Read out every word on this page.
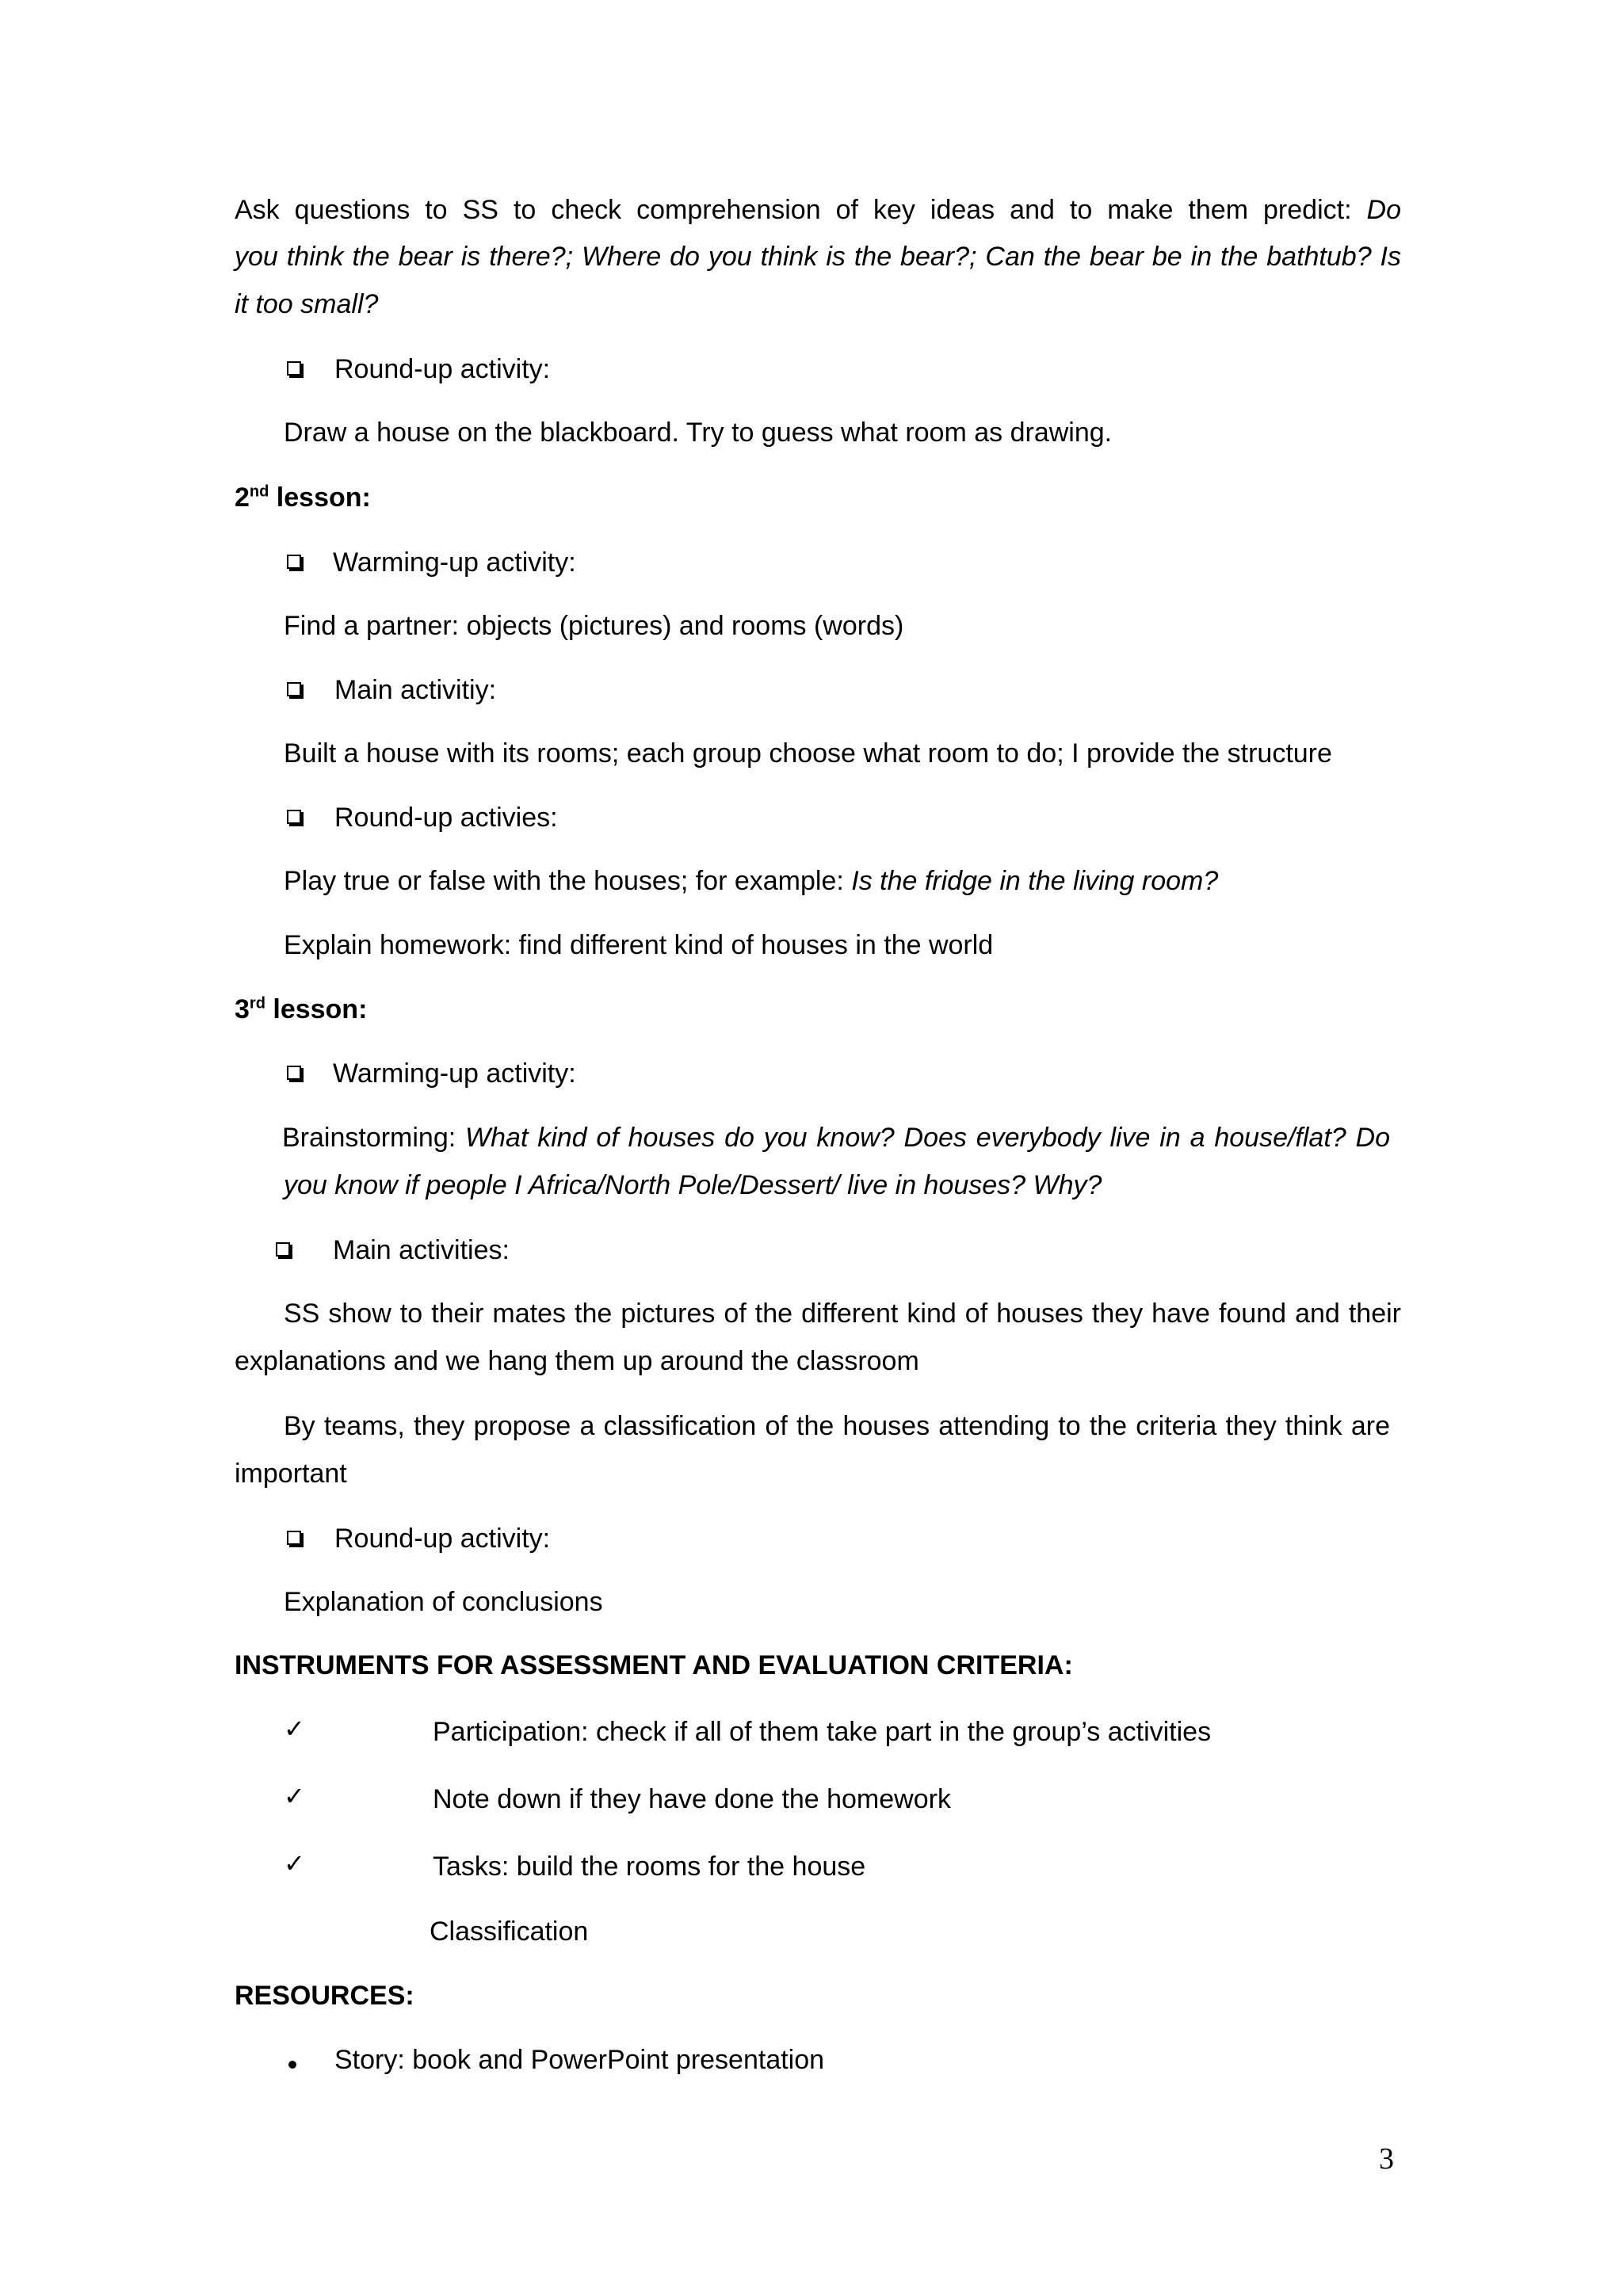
Ask questions to SS to check comprehension of key ideas and to make them predict: Do
you think the bear is there?; Where do you think is the bear?; Can the bear be in the bathtub? Is
it too small?
Round-up activity:
Draw a house on the blackboard. Try to guess what room as drawing.
2nd lesson:
Warming-up activity:
Find a partner: objects (pictures) and rooms (words)
Main activitiy:
Built a house with its rooms; each group choose what room to do; I provide the structure
Round-up activies:
Play true or false with the houses; for example: Is the fridge in the living room?
Explain homework: find different kind of houses in the world
3rd lesson:
Warming-up activity:
Brainstorming: What kind of houses do you know? Does everybody live in a house/flat? Do
you know if people I Africa/North Pole/Dessert/ live in houses? Why?
Main activities:
SS show to their mates the pictures of the different kind of houses they have found and their
explanations and we hang them up around the classroom
By teams, they propose a classification of the houses attending to the criteria they think are
important
Round-up activity:
Explanation of conclusions
INSTRUMENTS FOR ASSESSMENT AND EVALUATION CRITERIA:
✓	Participation: check if all of them take part in the group’s activities
✓	Note down if they have done the homework
✓	Tasks: build the rooms for the house
Classification
RESOURCES:
Story: book and PowerPoint presentation
3
